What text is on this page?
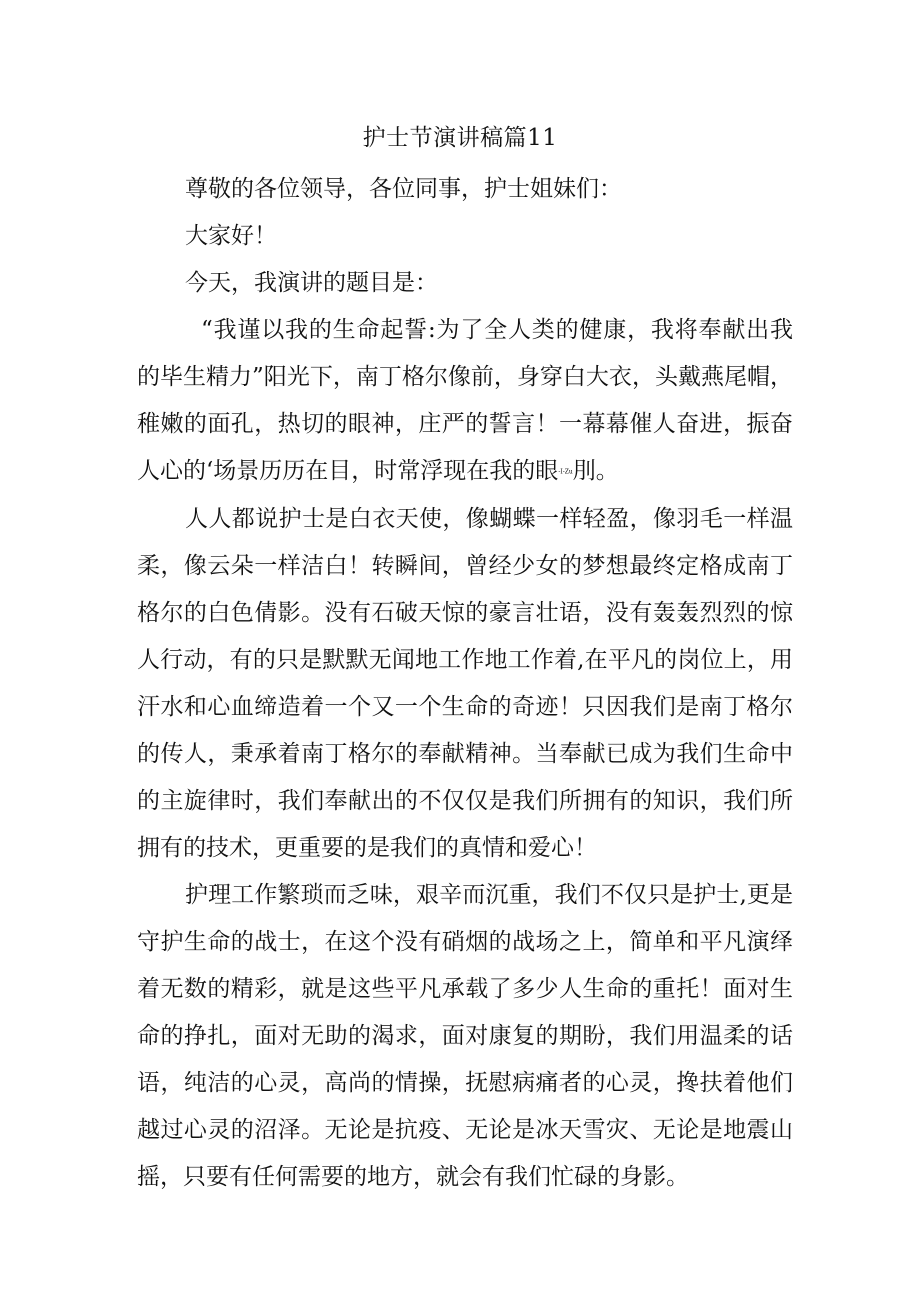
护士节演讲稿篇11

尊敬的各位领导，各位同事，护士姐妹们：

大家好！

今天，我演讲的题目是：

“我谨以我的生命起誓:为了全人类的健康，我将奉献出我的毕生精力”阳光下，南丁格尔像前，身穿白大衣，头戴燕尾帽，稚嫩的面孔，热切的眼神，庄严的誓言！一幕幕催人奋进，振奋人心的‘场景历历在目，时常浮现在我的眼-I-Zu刖。

人人都说护士是白衣天使，像蝴蝶一样轻盈，像羽毛一样温柔，像云朵一样洁白！转瞬间，曾经少女的梦想最终定格成南丁格尔的白色倩影。没有石破天惊的豪言壮语，没有轰轰烈烈的惊人行动，有的只是默默无闻地工作地工作着,在平凡的岗位上，用汗水和心血缔造着一个又一个生命的奇迹！只因我们是南丁格尔的传人，秉承着南丁格尔的奉献精神。当奉献已成为我们生命中的主旋律时，我们奉献出的不仅仅是我们所拥有的知识，我们所拥有的技术，更重要的是我们的真情和爱心！

护理工作繁琐而乏味，艰辛而沉重，我们不仅只是护士,更是守护生命的战士，在这个没有硝烟的战场之上，简单和平凡演绎着无数的精彩，就是这些平凡承载了多少人生命的重托！面对生命的挣扎，面对无助的渴求，面对康复的期盼，我们用温柔的话语，纯洁的心灵，高尚的情操，抚慰病痛者的心灵，搀扶着他们越过心灵的沼泽。无论是抗疫、无论是冰天雪灾、无论是地震山摇，只要有任何需要的地方，就会有我们忙碌的身影。
